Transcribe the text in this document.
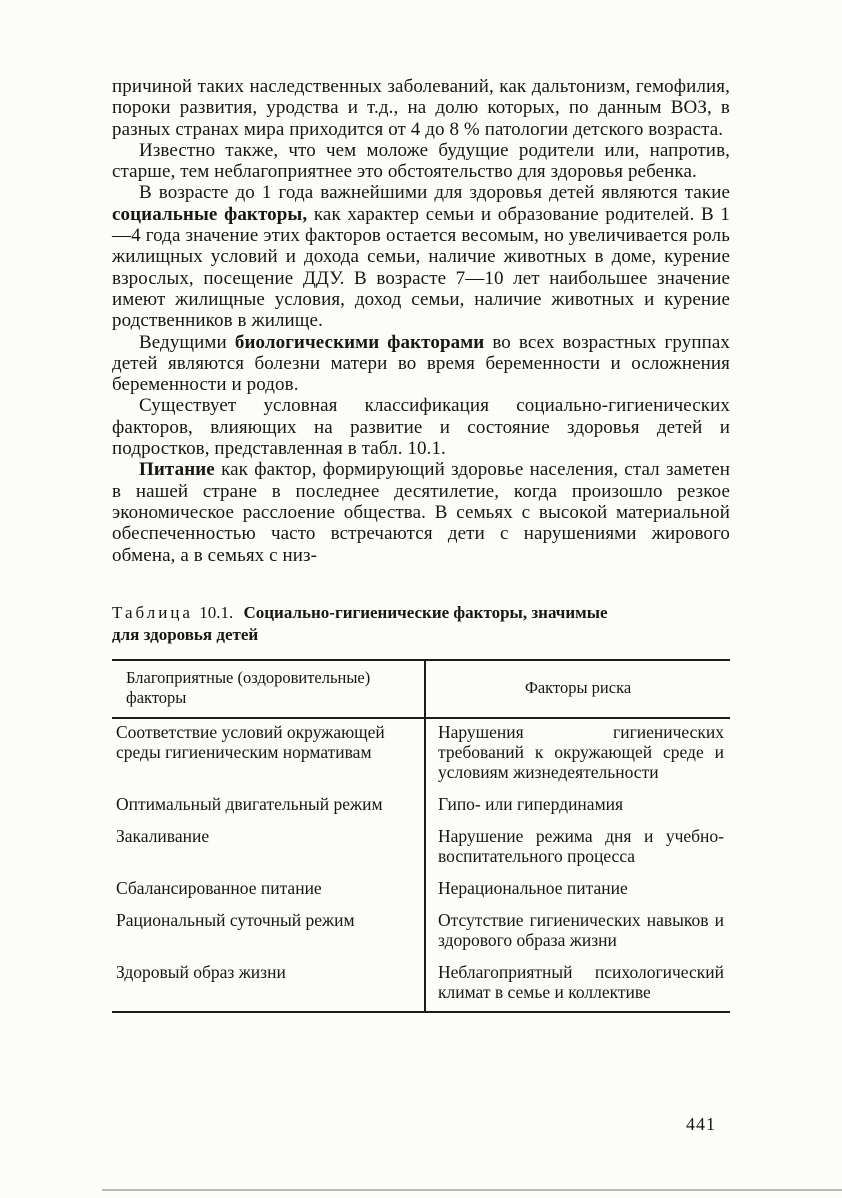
причиной таких наследственных заболеваний, как дальтонизм, гемофилия, пороки развития, уродства и т.д., на долю которых, по данным ВОЗ, в разных странах мира приходится от 4 до 8 % патологии детского возраста.

Известно также, что чем моложе будущие родители или, напротив, старше, тем неблагоприятнее это обстоятельство для здоровья ребенка.

В возрасте до 1 года важнейшими для здоровья детей являются такие социальные факторы, как характер семьи и образование родителей. В 1—4 года значение этих факторов остается весомым, но увеличивается роль жилищных условий и дохода семьи, наличие животных в доме, курение взрослых, посещение ДДУ. В возрасте 7—10 лет наибольшее значение имеют жилищные условия, доход семьи, наличие животных и курение родственников в жилище.

Ведущими биологическими факторами во всех возрастных группах детей являются болезни матери во время беременности и осложнения беременности и родов.

Существует условная классификация социально-гигиенических факторов, влияющих на развитие и состояние здоровья детей и подростков, представленная в табл. 10.1.

Питание как фактор, формирующий здоровье населения, стал заметен в нашей стране в последнее десятилетие, когда произошло резкое экономическое расслоение общества. В семьях с высокой материальной обеспеченностью часто встречаются дети с нарушениями жирового обмена, а в семьях с низ-

Таблица 10.1. Социально-гигиенические факторы, значимые для здоровья детей

Благоприятные (оздоровительные) факторы	Факторы риска
Соответствие условий окружающей среды гигиеническим нормативам	Нарушения гигиенических требований к окружающей среде и условиям жизнедеятельности
Оптимальный двигательный режим	Гипо- или гипердинамия
Закаливание	Нарушение режима дня и учебно-воспитательного процесса
Сбалансированное питание	Нерациональное питание
Рациональный суточный режим	Отсутствие гигиенических навыков и здорового образа жизни
Здоровый образ жизни	Неблагоприятный психологический климат в семье и коллективе
441
